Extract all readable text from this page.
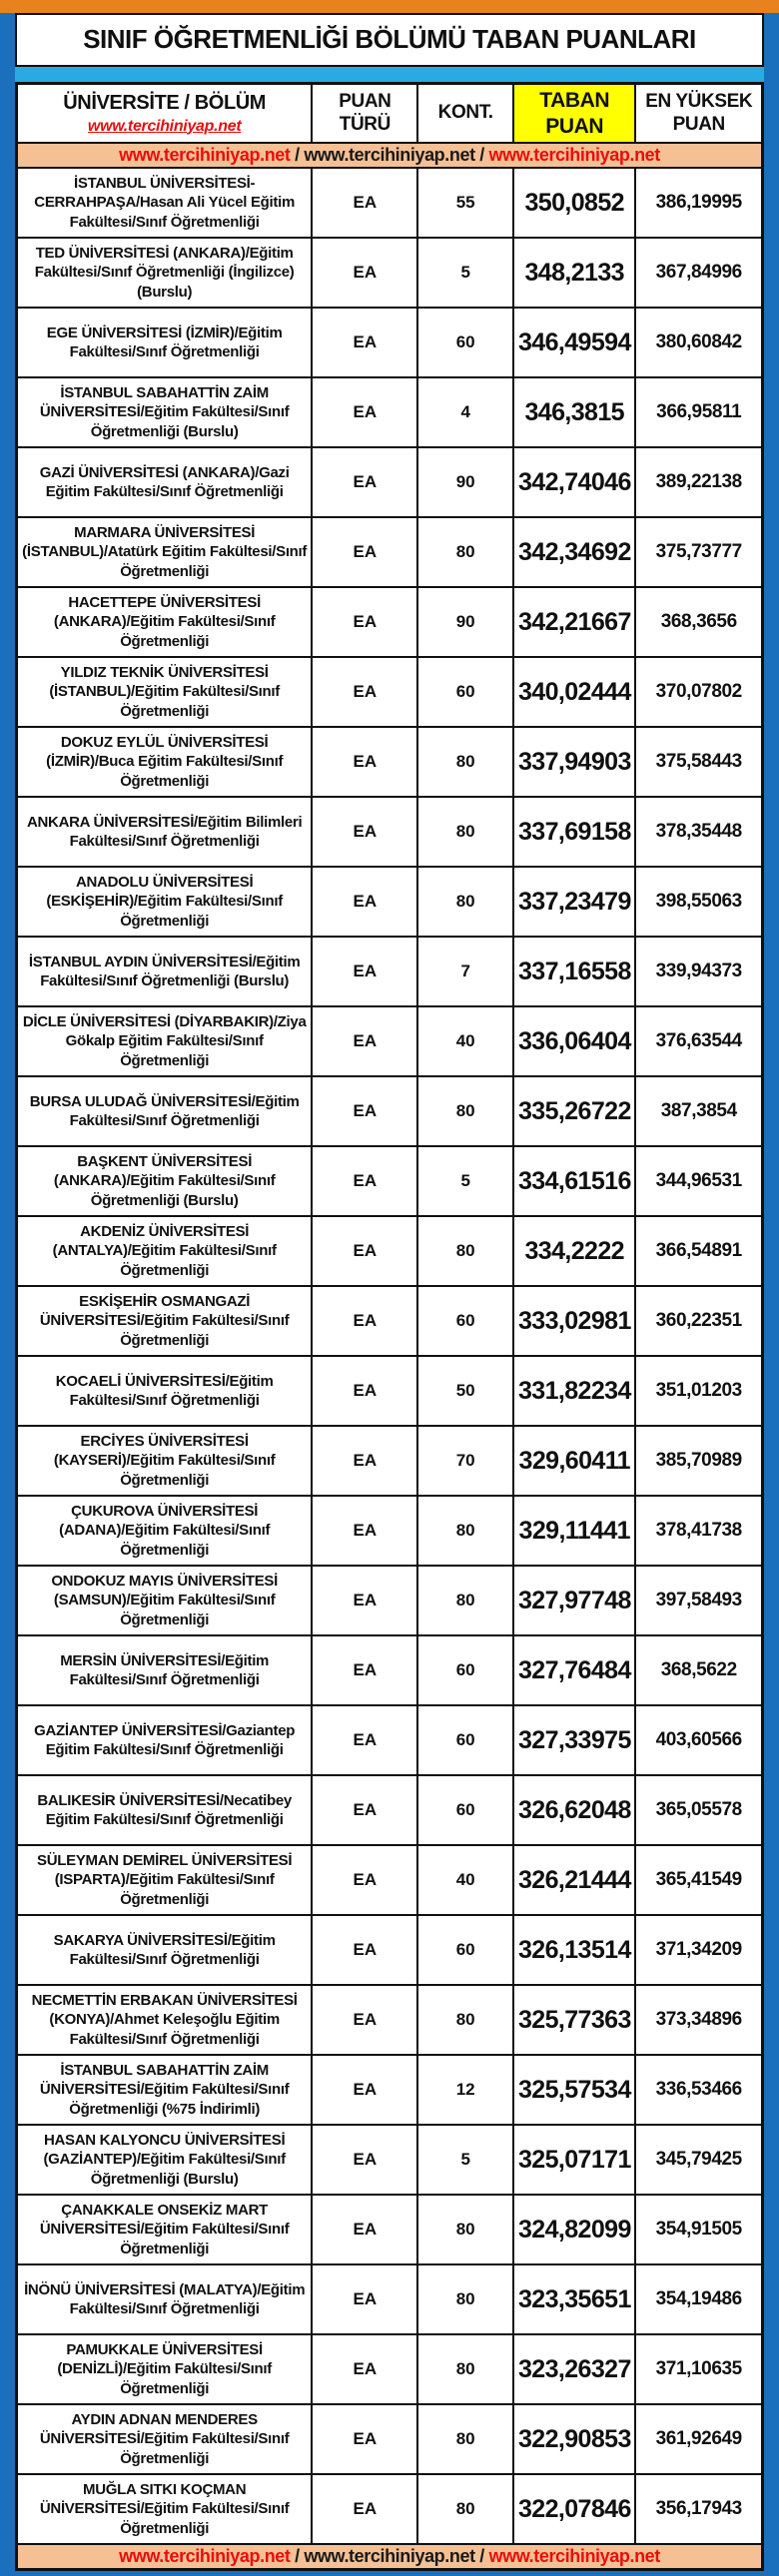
SINIF ÖĞRETMENLİĞİ BÖLÜMÜ TABAN PUANLARI
ÜNİVERSİTE / BÖLÜM
www.tercihiniyap.net	PUAN TÜRÜ	KONT.	TABAN PUAN	EN YÜKSEK PUAN

www.tercihiniyap.net / www.tercihiniyap.net / www.tercihiniyap.net				
İSTANBUL ÜNİVERSİTESİ-CERRAHPAŞA/Hasan Ali Yücel Eğitim Fakültesi/Sınıf Öğretmenliği	EA	55	350,0852	386,19995
TED ÜNİVERSİTESİ (ANKARA)/Eğitim Fakültesi/Sınıf Öğretmenliği (İngilizce) (Burslu)	EA	5	348,2133	367,84996
EGE ÜNİVERSİTESİ (İZMİR)/Eğitim Fakültesi/Sınıf Öğretmenliği	EA	60	346,49594	380,60842
İSTANBUL SABAHATTİN ZAİM ÜNİVERSİTESİ/Eğitim Fakültesi/Sınıf Öğretmenliği (Burslu)	EA	4	346,3815	366,95811
GAZİ ÜNİVERSİTESİ (ANKARA)/Gazi Eğitim Fakültesi/Sınıf Öğretmenliği	EA	90	342,74046	389,22138
MARMARA ÜNİVERSİTESİ (İSTANBUL)/Atatürk Eğitim Fakültesi/Sınıf Öğretmenliği	EA	80	342,34692	375,73777
HACETTEPE ÜNİVERSİTESİ (ANKARA)/Eğitim Fakültesi/Sınıf Öğretmenliği	EA	90	342,21667	368,3656
YILDIZ TEKNİK ÜNİVERSİTESİ (İSTANBUL)/Eğitim Fakültesi/Sınıf Öğretmenliği	EA	60	340,02444	370,07802
DOKUZ EYLÜL ÜNİVERSİTESİ (İZMİR)/Buca Eğitim Fakültesi/Sınıf Öğretmenliği	EA	80	337,94903	375,58443
ANKARA ÜNİVERSİTESİ/Eğitim Bilimleri Fakültesi/Sınıf Öğretmenliği	EA	80	337,69158	378,35448
ANADOLU ÜNİVERSİTESİ (ESKİŞEHİR)/Eğitim Fakültesi/Sınıf Öğretmenliği	EA	80	337,23479	398,55063
İSTANBUL AYDIN ÜNİVERSİTESİ/Eğitim Fakültesi/Sınıf Öğretmenliği (Burslu)	EA	7	337,16558	339,94373
DİCLE ÜNİVERSİTESİ (DİYARBAKIR)/Ziya Gökalp Eğitim Fakültesi/Sınıf Öğretmenliği	EA	40	336,06404	376,63544
BURSA ULUDAĞ ÜNİVERSİTESİ/Eğitim Fakültesi/Sınıf Öğretmenliği	EA	80	335,26722	387,3854
BAŞKENT ÜNİVERSİTESİ (ANKARA)/Eğitim Fakültesi/Sınıf Öğretmenliği (Burslu)	EA	5	334,61516	344,96531
AKDENİZ ÜNİVERSİTESİ (ANTALYA)/Eğitim Fakültesi/Sınıf Öğretmenliği	EA	80	334,2222	366,54891
ESKİŞEHİR OSMANGAZİ ÜNİVERSİTESİ/Eğitim Fakültesi/Sınıf Öğretmenliği	EA	60	333,02981	360,22351
KOCAELİ ÜNİVERSİTESİ/Eğitim Fakültesi/Sınıf Öğretmenliği	EA	50	331,82234	351,01203
ERCİYES ÜNİVERSİTESİ (KAYSERİ)/Eğitim Fakültesi/Sınıf Öğretmenliği	EA	70	329,60411	385,70989
ÇUKUROVA ÜNİVERSİTESİ (ADANA)/Eğitim Fakültesi/Sınıf Öğretmenliği	EA	80	329,11441	378,41738
ONDOKUZ MAYIS ÜNİVERSİTESİ (SAMSUN)/Eğitim Fakültesi/Sınıf Öğretmenliği	EA	80	327,97748	397,58493
MERSİN ÜNİVERSİTESİ/Eğitim Fakültesi/Sınıf Öğretmenliği	EA	60	327,76484	368,5622
GAZİANTEP ÜNİVERSİTESİ/Gaziantep Eğitim Fakültesi/Sınıf Öğretmenliği	EA	60	327,33975	403,60566
BALIKESİR ÜNİVERSİTESİ/Necatibey Eğitim Fakültesi/Sınıf Öğretmenliği	EA	60	326,62048	365,05578
SÜLEYMAN DEMİREL ÜNİVERSİTESİ (ISPARTA)/Eğitim Fakültesi/Sınıf Öğretmenliği	EA	40	326,21444	365,41549
SAKARYA ÜNİVERSİTESİ/Eğitim Fakültesi/Sınıf Öğretmenliği	EA	60	326,13514	371,34209
NECMETTİN ERBAKAN ÜNİVERSİTESİ (KONYA)/Ahmet Keleşoğlu Eğitim Fakültesi/Sınıf Öğretmenliği	EA	80	325,77363	373,34896
İSTANBUL SABAHATTİN ZAİM ÜNİVERSİTESİ/Eğitim Fakültesi/Sınıf Öğretmenliği (%75 İndirimli)	EA	12	325,57534	336,53466
HASAN KALYONCU ÜNİVERSİTESİ (GAZİANTEP)/Eğitim Fakültesi/Sınıf Öğretmenliği (Burslu)	EA	5	325,07171	345,79425
ÇANAKKALE ONSEKİZ MART ÜNİVERSİTESİ/Eğitim Fakültesi/Sınıf Öğretmenliği	EA	80	324,82099	354,91505
İNÖNÜ ÜNİVERSİTESİ (MALATYA)/Eğitim Fakültesi/Sınıf Öğretmenliği	EA	80	323,35651	354,19486
PAMUKKALE ÜNİVERSİTESİ (DENİZLİ)/Eğitim Fakültesi/Sınıf Öğretmenliği	EA	80	323,26327	371,10635
AYDIN ADNAN MENDERES ÜNİVERSİTESİ/Eğitim Fakültesi/Sınıf Öğretmenliği	EA	80	322,90853	361,92649
MUĞLA SITKI KOÇMAN ÜNİVERSİTESİ/Eğitim Fakültesi/Sınıf Öğretmenliği	EA	80	322,07846	356,17943
www.tercihiniyap.net / www.tercihiniyap.net / www.tercihiniyap.net				
